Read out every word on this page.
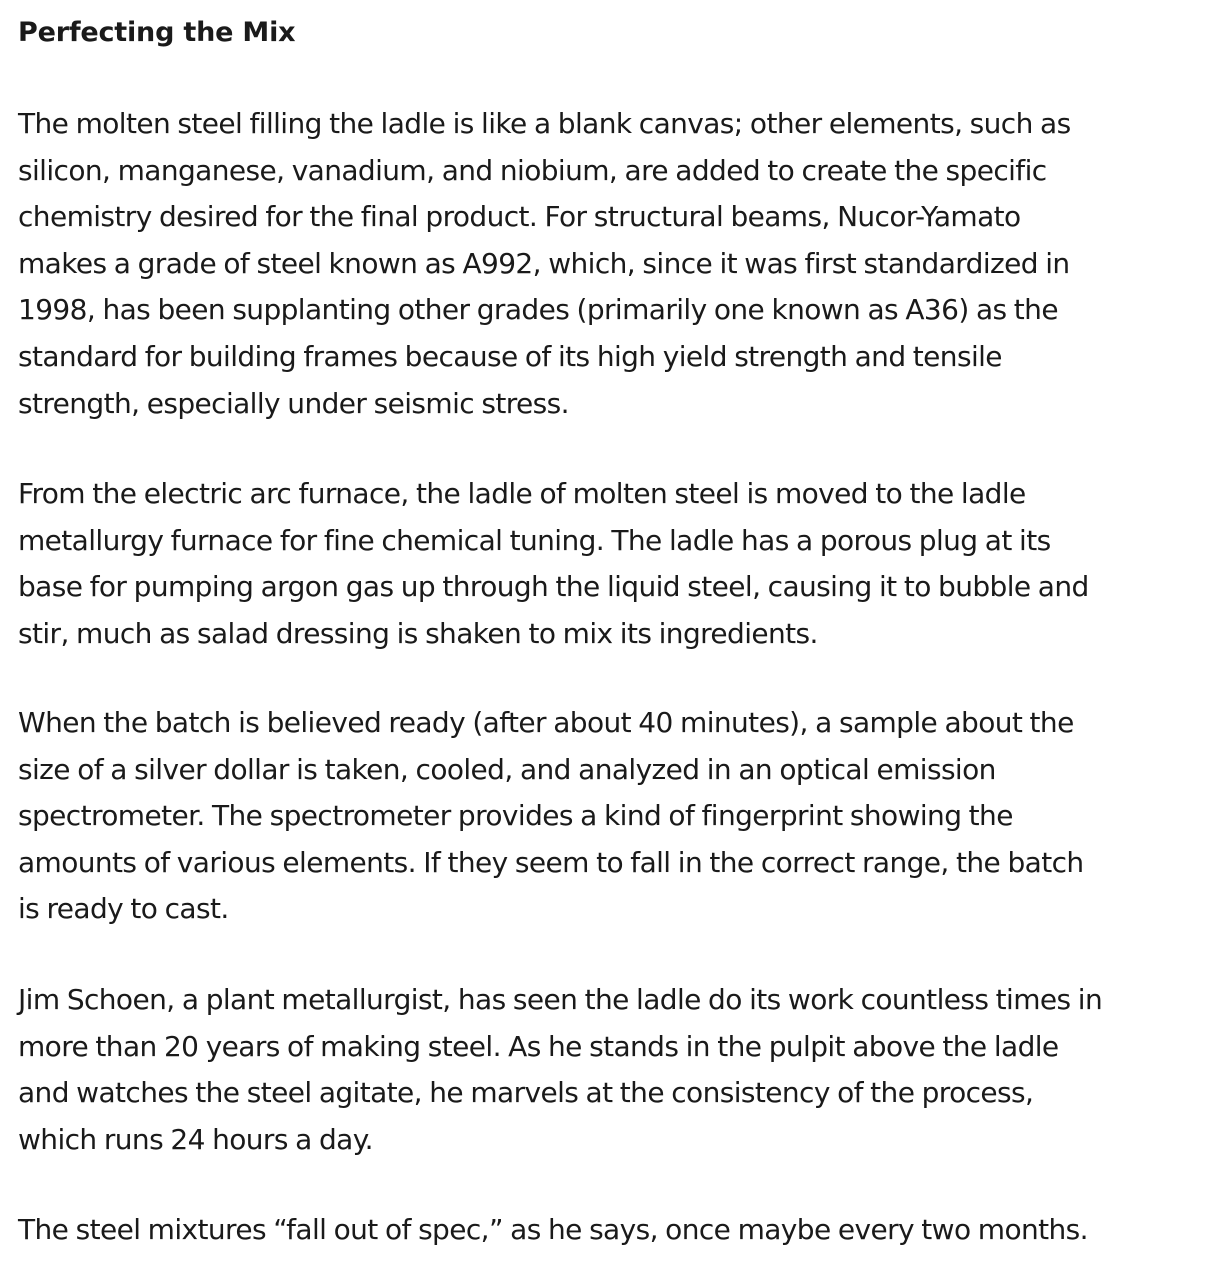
Perfecting the Mix

The molten steel filling the ladle is like a blank canvas; other elements, such as
silicon, manganese, vanadium, and niobium, are added to create the specific
chemistry desired for the final product. For structural beams, Nucor-Yamato
makes a grade of steel known as A992, which, since it was first standardized in
1998, has been supplanting other grades (primarily one known as A36) as the
standard for building frames because of its high yield strength and tensile
strength, especially under seismic stress.

From the electric arc furnace, the ladle of molten steel is moved to the ladle
metallurgy furnace for fine chemical tuning. The ladle has a porous plug at its
base for pumping argon gas up through the liquid steel, causing it to bubble and
stir, much as salad dressing is shaken to mix its ingredients.

When the batch is believed ready (after about 40 minutes), a sample about the
size of a silver dollar is taken, cooled, and analyzed in an optical emission
spectrometer. The spectrometer provides a kind of fingerprint showing the
amounts of various elements. If they seem to fall in the correct range, the batch
is ready to cast.

Jim Schoen, a plant metallurgist, has seen the ladle do its work countless times in
more than 20 years of making steel. As he stands in the pulpit above the ladle
and watches the steel agitate, he marvels at the consistency of the process,
which runs 24 hours a day.

The steel mixtures “fall out of spec,” as he says, once maybe every two months.
